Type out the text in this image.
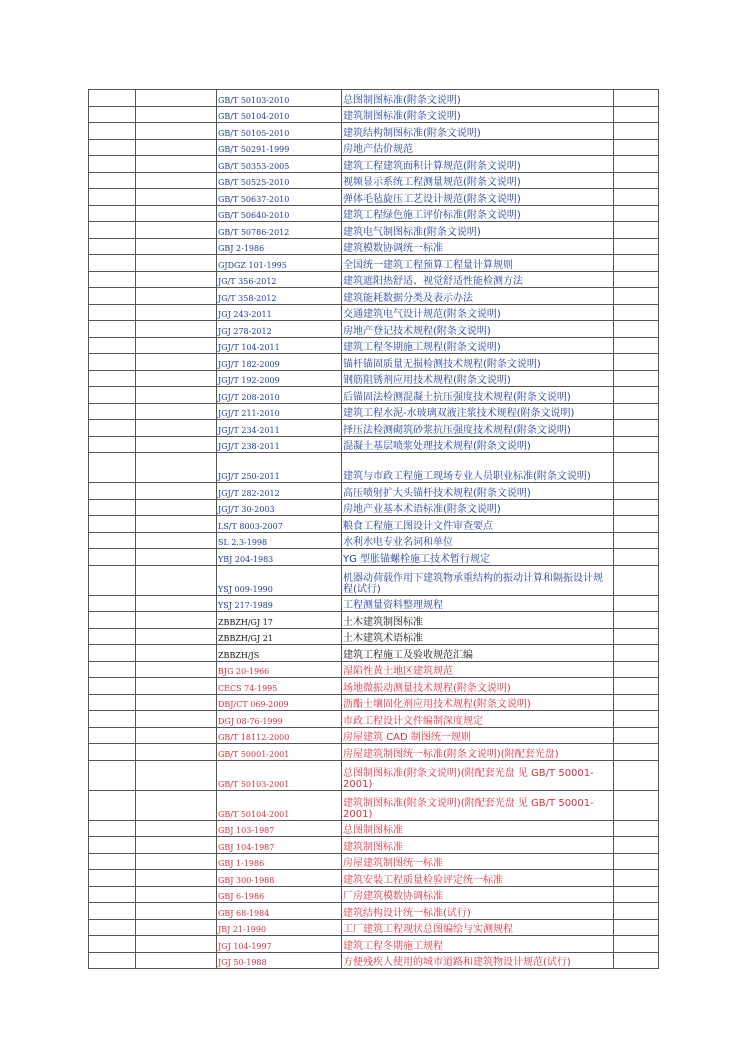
		GB/T 50103-2010	总图制图标准(附条文说明)	
		GB/T 50104-2010	建筑制图标准(附条文说明)	
		GB/T 50105-2010	建筑结构制图标准(附条文说明)	
		GB/T 50291-1999	房地产估价规范	
		GB/T 50353-2005	建筑工程建筑面积计算规范(附条文说明)	
		GB/T 50525-2010	视频显示系统工程测量规范(附条文说明)	
		GB/T 50637-2010	弹体毛毡旋压工艺设计规范(附条文说明)	
		GB/T 50640-2010	建筑工程绿色施工评价标准(附条文说明)	
		GB/T 50786-2012	建筑电气制图标准(附条文说明)	
		GBJ 2-1986	建筑模数协调统一标准	
		GJDGZ 101-1995	全国统一建筑工程预算工程量计算规则	
		JG/T 356-2012	建筑遮阳热舒适、视觉舒适性能检测方法	
		JG/T 358-2012	建筑能耗数据分类及表示办法	
		JGJ 243-2011	交通建筑电气设计规范(附条文说明)	
		JGJ 278-2012	房地产登记技术规程(附条文说明)	
		JGJ/T 104-2011	建筑工程冬期施工规程(附条文说明)	
		JGJ/T 182-2009	锚杆锚固质量无损检测技术规程(附条文说明)	
		JGJ/T 192-2009	钢筋阻锈剂应用技术规程(附条文说明)	
		JGJ/T 208-2010	后锚固法检测混凝土抗压强度技术规程(附条文说明)	
		JGJ/T 211-2010	建筑工程水泥-水玻璃双液注浆技术规程(附条文说明)	
		JGJ/T 234-2011	择压法检测砌筑砂浆抗压强度技术规程(附条文说明)	
		JGJ/T 238-2011	混凝土基层喷浆处理技术规程(附条文说明)	
		JGJ/T 250-2011	建筑与市政工程施工现场专业人员职业标准(附条文说明)	
		JGJ/T 282-2012	高压喷射扩大头锚杆技术规程(附条文说明)	
		JGJ/T 30-2003	房地产业基本术语标准(附条文说明)	
		LS/T 8003-2007	粮食工程施工图设计文件审查要点	
		SL 2.3-1998	水利水电专业名词和单位	
		YBJ 204-1983	YG 型胀锚螺栓施工技术暂行规定	
		YSJ 009-1990	机器动荷载作用下建筑物承重结构的振动计算和隔振设计规程(试行)	
		YSJ 217-1989	工程测量资料整理规程	
		ZBBZH/GJ 17	土木建筑制图标准	
		ZBBZH/GJ 21	土木建筑术语标准	
		ZBBZH/JS	建筑工程施工及验收规范汇编	
		BJG 20-1966	湿陷性黄土地区建筑规范	
		CECS 74-1995	场地微振动测量技术规程(附条文说明)	
		DBJ/CT 069-2009	沥酯土壤固化剂应用技术规程(附条文说明)	
		DGJ 08-76-1999	市政工程设计文件编制深度规定	
		GB/T 18112-2000	房屋建筑 CAD 制图统一规则	
		GB/T 50001-2001	房屋建筑制图统一标准(附条文说明)(附配套光盘)	
		GB/T 50103-2001	总图制图标准(附条文说明)(附配套光盘 见 GB/T 50001-2001)	
		GB/T 50104-2001	建筑制图标准(附条文说明)(附配套光盘 见 GB/T 50001-2001)	
		GBJ 103-1987	总图制图标准	
		GBJ 104-1987	建筑制图标准	
		GBJ 1-1986	房屋建筑制图统一标准	
		GBJ 300-1988	建筑安装工程质量检验评定统一标准	
		GBJ 6-1986	厂房建筑模数协调标准	
		GBJ 68-1984	建筑结构设计统一标准(试行)	
		JBJ 21-1990	工厂建筑工程现状总图编绘与实测规程	
		JGJ 104-1997	建筑工程冬期施工规程	
		JGJ 50-1988	方便残疾人使用的城市道路和建筑物设计规范(试行)	
